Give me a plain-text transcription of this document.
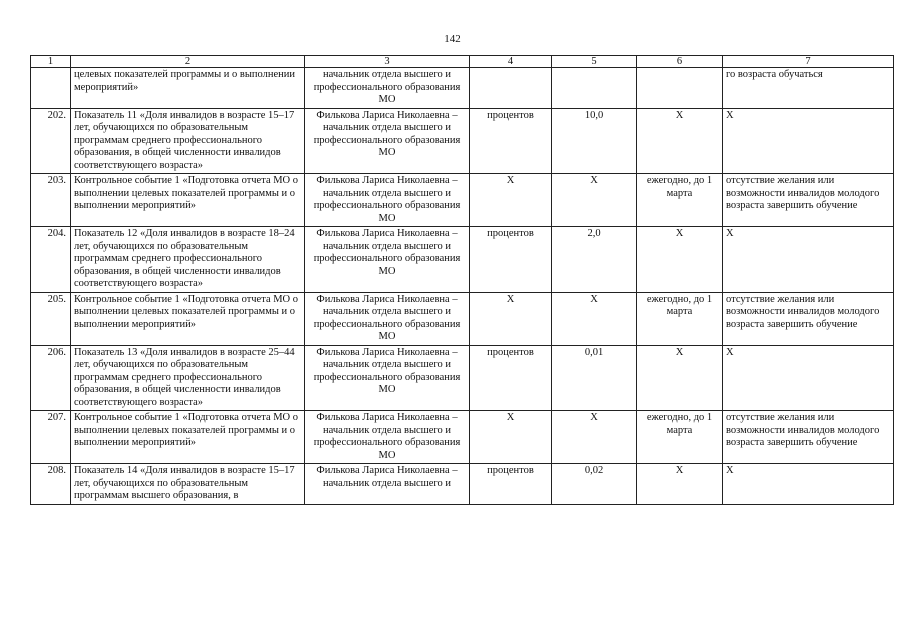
142
1	2	3	4	5	6	7
	целевых показателей программы и о выполнении мероприятий»	начальник отдела высшего и профессионального образования МО				го возраста обучаться
202.	Показатель 11 «Доля инвалидов в возрасте 15–17 лет, обучающихся по образовательным программам среднего профессионального образования, в общей численности инвалидов соответствующего возраста»	Филькова Лариса Николаевна – начальник отдела высшего и профессионального образования МО	процентов	10,0	Х	Х
203.	Контрольное событие 1 «Подготовка отчета МО о выполнении целевых показателей программы и о выполнении мероприятий»	Филькова Лариса Николаевна – начальник отдела высшего и профессионального образования МО	Х	Х	ежегодно, до 1 марта	отсутствие желания или возможности инвалидов молодого возраста завершить обучение
204.	Показатель 12 «Доля инвалидов в возрасте 18–24 лет, обучающихся по образовательным программам среднего профессионального образования, в общей численности инвалидов соответствующего возраста»	Филькова Лариса Николаевна – начальник отдела высшего и профессионального образования МО	процентов	2,0	Х	Х
205.	Контрольное событие 1 «Подготовка отчета МО о выполнении целевых показателей программы и о выполнении мероприятий»	Филькова Лариса Николаевна – начальник отдела высшего и профессионального образования МО	Х	Х	ежегодно, до 1 марта	отсутствие желания или возможности инвалидов молодого возраста завершить обучение
206.	Показатель 13 «Доля инвалидов в возрасте 25–44 лет, обучающихся по образовательным программам среднего профессионального образования, в общей численности инвалидов соответствующего возраста»	Филькова Лариса Николаевна – начальник отдела высшего и профессионального образования МО	процентов	0,01	Х	Х
207.	Контрольное событие 1 «Подготовка отчета МО о выполнении целевых показателей программы и о выполнении мероприятий»	Филькова Лариса Николаевна – начальник отдела высшего и профессионального образования МО	Х	Х	ежегодно, до 1 марта	отсутствие желания или возможности инвалидов молодого возраста завершить обучение
208.	Показатель 14 «Доля инвалидов в возрасте 15–17 лет, обучающихся по образовательным программам высшего образования, в	Филькова Лариса Николаевна – начальник отдела высшего и	процентов	0,02	Х	Х
